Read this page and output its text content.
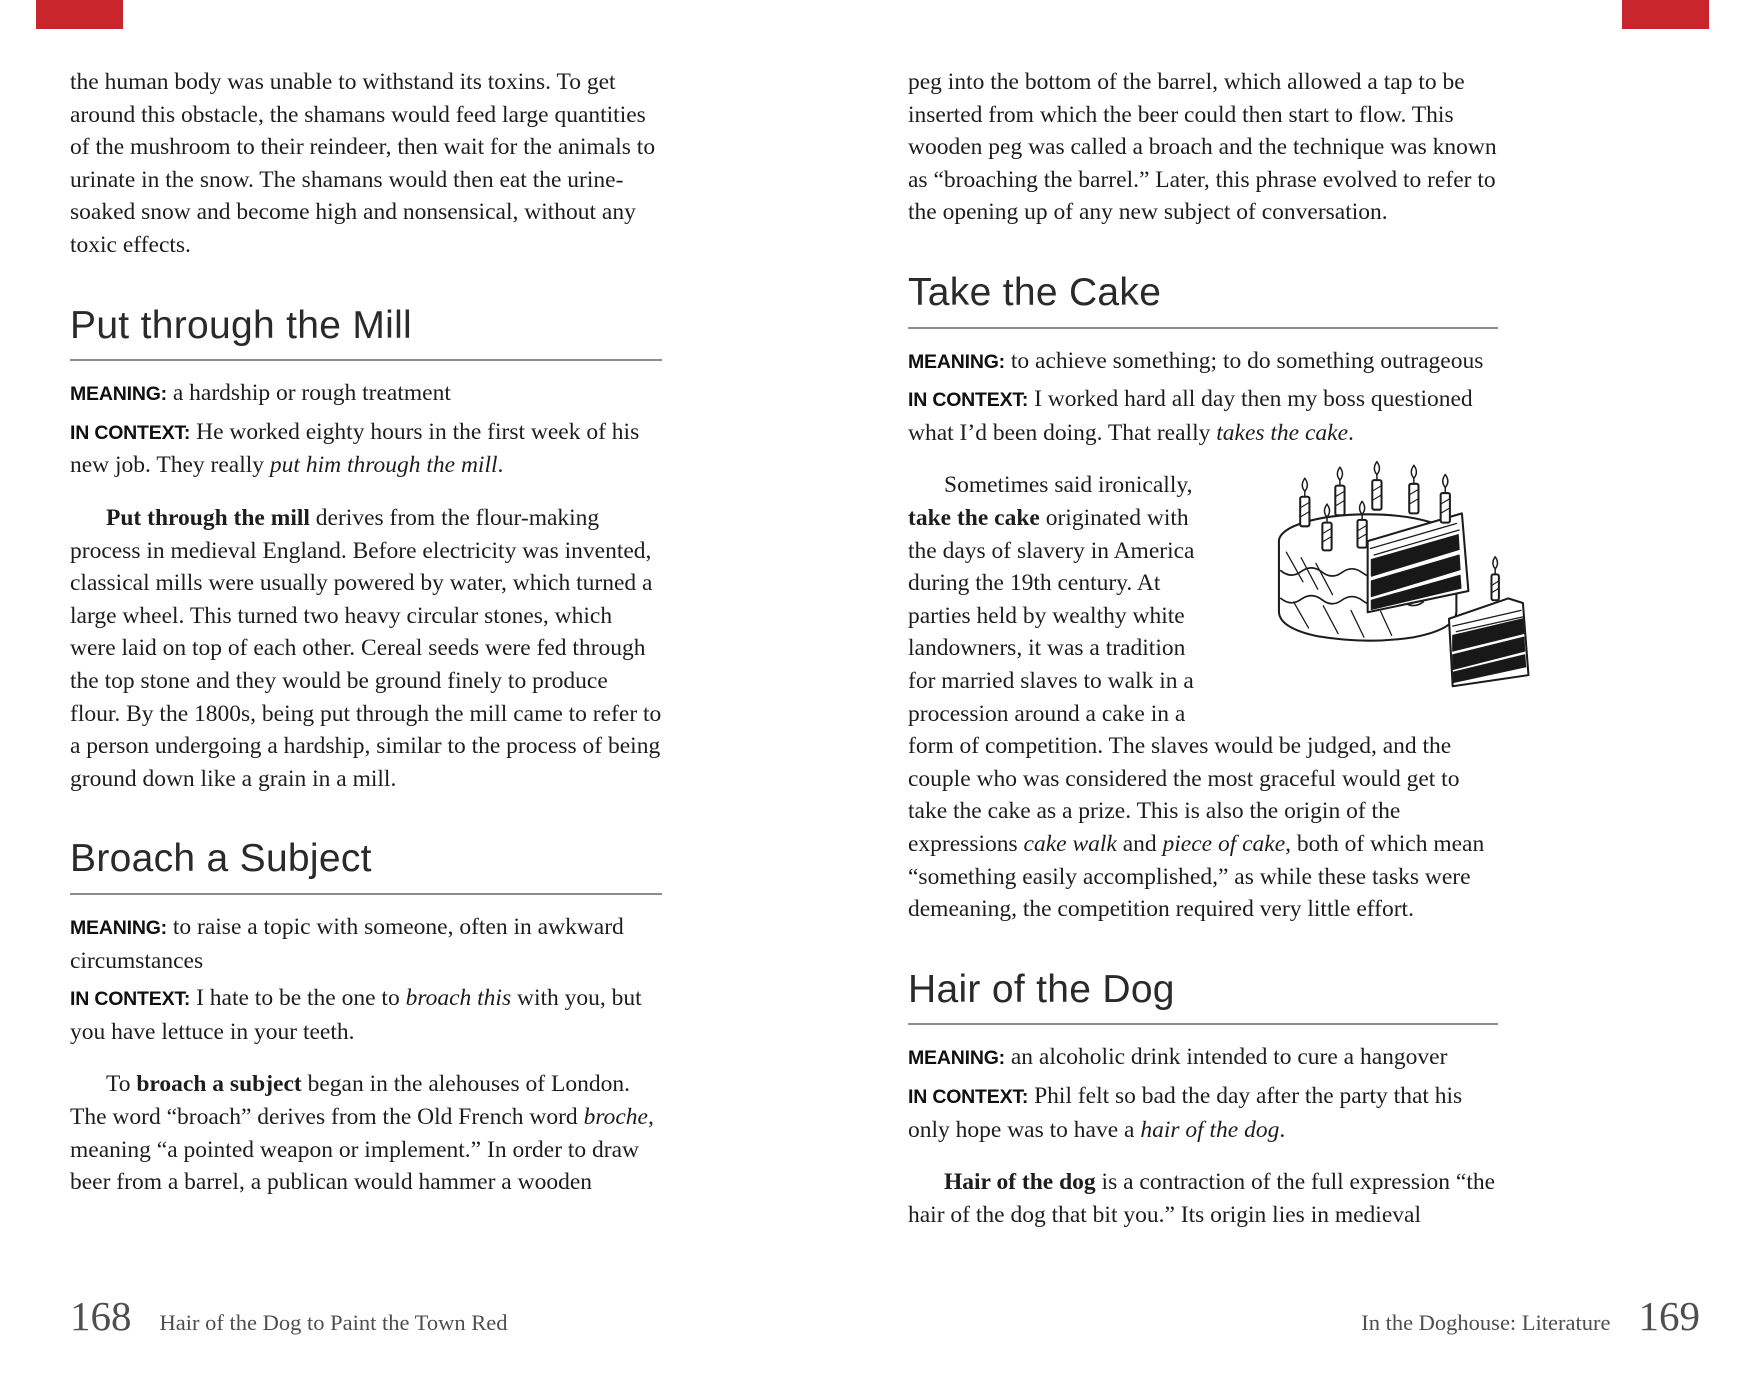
the human body was unable to withstand its toxins. To get around this obstacle, the shamans would feed large quantities of the mushroom to their reindeer, then wait for the animals to urinate in the snow. The shamans would then eat the urine-soaked snow and become high and nonsensical, without any toxic effects.

Put through the Mill

MEANING: a hardship or rough treatment

IN CONTEXT: He worked eighty hours in the first week of his new job. They really put him through the mill.

Put through the mill derives from the flour-making process in medieval England. Before electricity was invented, classical mills were usually powered by water, which turned a large wheel. This turned two heavy circular stones, which were laid on top of each other. Cereal seeds were fed through the top stone and they would be ground finely to produce flour. By the 1800s, being put through the mill came to refer to a person undergoing a hardship, similar to the process of being ground down like a grain in a mill.

Broach a Subject

MEANING: to raise a topic with someone, often in awkward circumstances

IN CONTEXT: I hate to be the one to broach this with you, but you have lettuce in your teeth.

To broach a subject began in the alehouses of London. The word “broach” derives from the Old French word broche, meaning “a pointed weapon or implement.” In order to draw beer from a barrel, a publican would hammer a wooden

peg into the bottom of the barrel, which allowed a tap to be inserted from which the beer could then start to flow. This wooden peg was called a broach and the technique was known as “broaching the barrel.” Later, this phrase evolved to refer to the opening up of any new subject of conversation.

Take the Cake

MEANING: to achieve something; to do something outrageous

IN CONTEXT: I worked hard all day then my boss questioned what I’d been doing. That really takes the cake.

Sometimes said ironically, take the cake originated with the days of slavery in America during the 19th century. At parties held by wealthy white landowners, it was a tradition for married slaves to walk in a procession around a cake in a form of competition. The slaves would be judged, and the couple who was considered the most graceful would get to take the cake as a prize. This is also the origin of the expressions cake walk and piece of cake, both of which mean “something easily accomplished,” as while these tasks were demeaning, the competition required very little effort.

Hair of the Dog

MEANING: an alcoholic drink intended to cure a hangover

IN CONTEXT: Phil felt so bad the day after the party that his only hope was to have a hair of the dog.

Hair of the dog is a contraction of the full expression “the hair of the dog that bit you.” Its origin lies in medieval

168 Hair of the Dog to Paint the Town Red	In the Doghouse: Literature 169
